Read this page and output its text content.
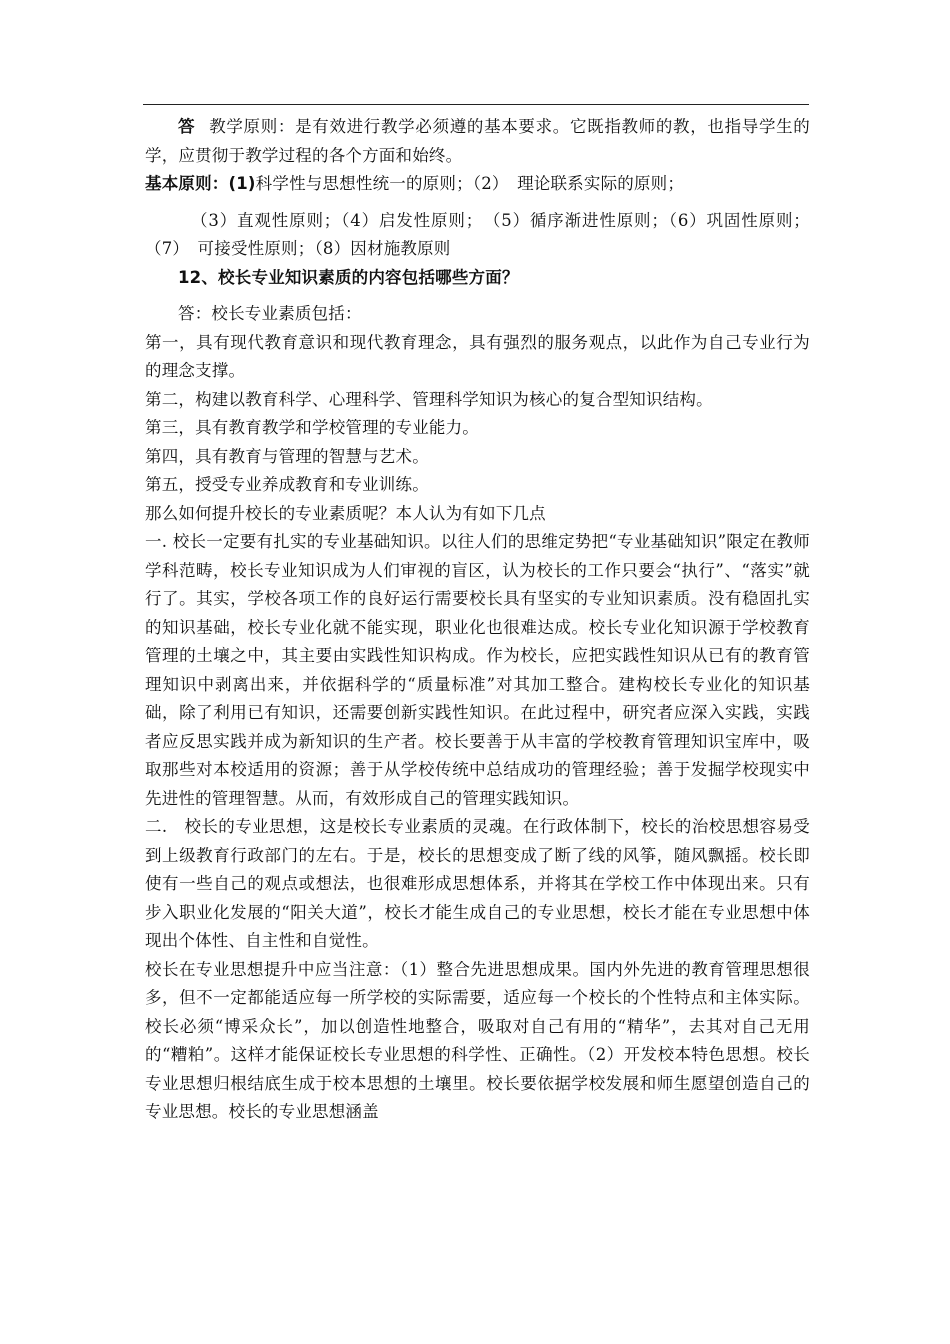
答 教学原则：是有效进行教学必须遵的基本要求。它既指教师的教，也指导学生的学，应贯彻于教学过程的各个方面和始终。

基本原则：(1)科学性与思想性统一的原则；（2）　理论联系实际的原则；

（3）直观性原则；（4）启发性原则；　（5）循序渐进性原则；（6）巩固性原则；（7）　可接受性原则；（8）因材施教原则

12、校长专业知识素质的内容包括哪些方面？

答：校长专业素质包括：

第一，具有现代教育意识和现代教育理念，具有强烈的服务观点，以此作为自己专业行为的理念支撑。

第二，构建以教育科学、心理科学、管理科学知识为核心的复合型知识结构。

第三，具有教育教学和学校管理的专业能力。

第四，具有教育与管理的智慧与艺术。

第五，授受专业养成教育和专业训练。

那么如何提升校长的专业素质呢？本人认为有如下几点

一. 校长一定要有扎实的专业基础知识。以往人们的思维定势把“专业基础知识”限定在教师学科范畴，校长专业知识成为人们审视的盲区，认为校长的工作只要会“执行”、“落实”就行了。其实，学校各项工作的良好运行需要校长具有坚实的专业知识素质。没有稳固扎实的知识基础，校长专业化就不能实现，职业化也很难达成。校长专业化知识源于学校教育管理的土壤之中，其主要由实践性知识构成。作为校长，应把实践性知识从已有的教育管理知识中剥离出来，并依据科学的“质量标准”对其加工整合。建构校长专业化的知识基础，除了利用已有知识，还需要创新实践性知识。在此过程中，研究者应深入实践，实践者应反思实践并成为新知识的生产者。校长要善于从丰富的学校教育管理知识宝库中，吸取那些对本校适用的资源；善于从学校传统中总结成功的管理经验；善于发掘学校现实中先进性的管理智慧。从而，有效形成自己的管理实践知识。

二.　校长的专业思想，这是校长专业素质的灵魂。在行政体制下，校长的治校思想容易受到上级教育行政部门的左右。于是，校长的思想变成了断了线的风筝，随风飘摇。校长即使有一些自己的观点或想法，也很难形成思想体系，并将其在学校工作中体现出来。只有步入职业化发展的“阳关大道”，校长才能生成自己的专业思想，校长才能在专业思想中体现出个体性、自主性和自觉性。

校长在专业思想提升中应当注意：（1）整合先进思想成果。国内外先进的教育管理思想很多，但不一定都能适应每一所学校的实际需要，适应每一个校长的个性特点和主体实际。校长必须“博采众长”，加以创造性地整合，吸取对自己有用的“精华”，去其对自己无用的“糟粕”。这样才能保证校长专业思想的科学性、正确性。（2）开发校本特色思想。校长专业思想归根结底生成于校本思想的土壤里。校长要依据学校发展和师生愿望创造自己的专业思想。校长的专业思想涵盖
